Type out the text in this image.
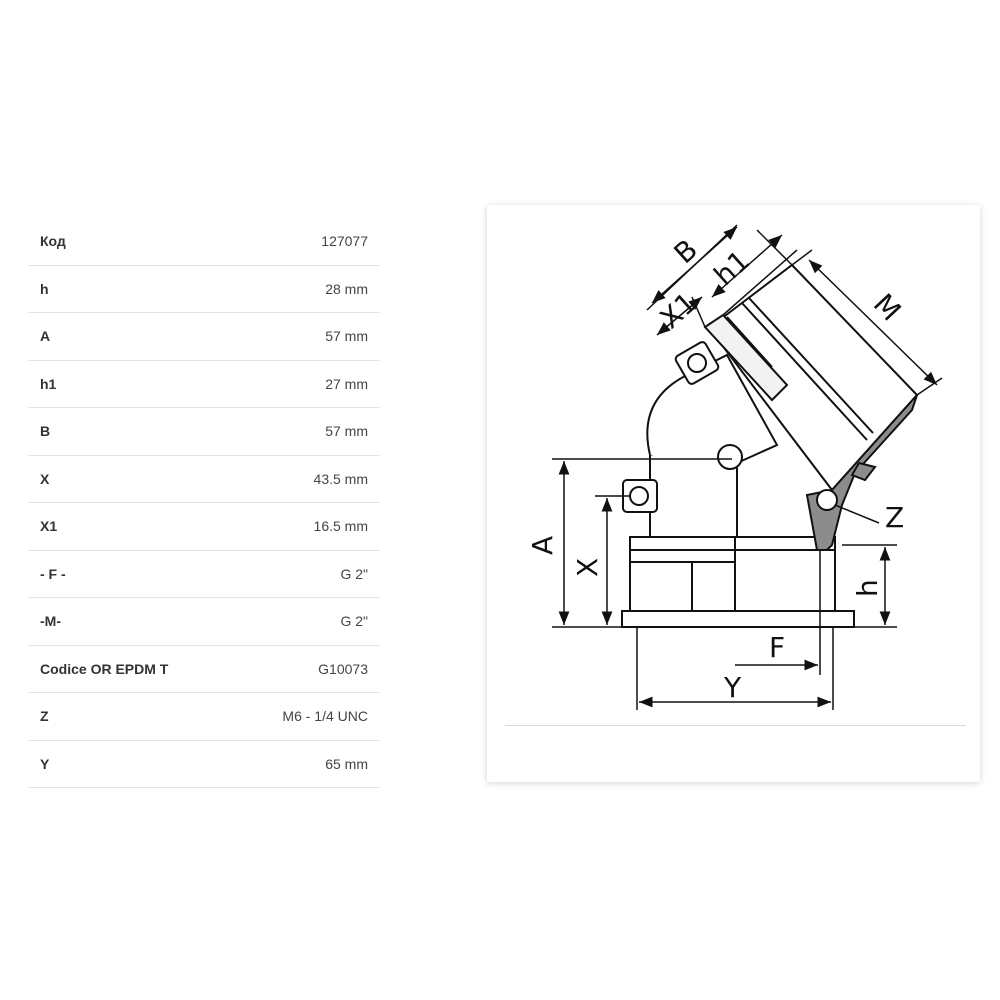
Код	127077
h	28 mm
A	57 mm
h1	27 mm
B	57 mm
X	43.5 mm
X1	16.5 mm
- F -	G 2"
-M-	G 2"
Codice OR EPDM T	G10073
Z	M6 - 1/4 UNC
Y	65 mm
B h1
X1	M
A
X
Z
h
F
Y
